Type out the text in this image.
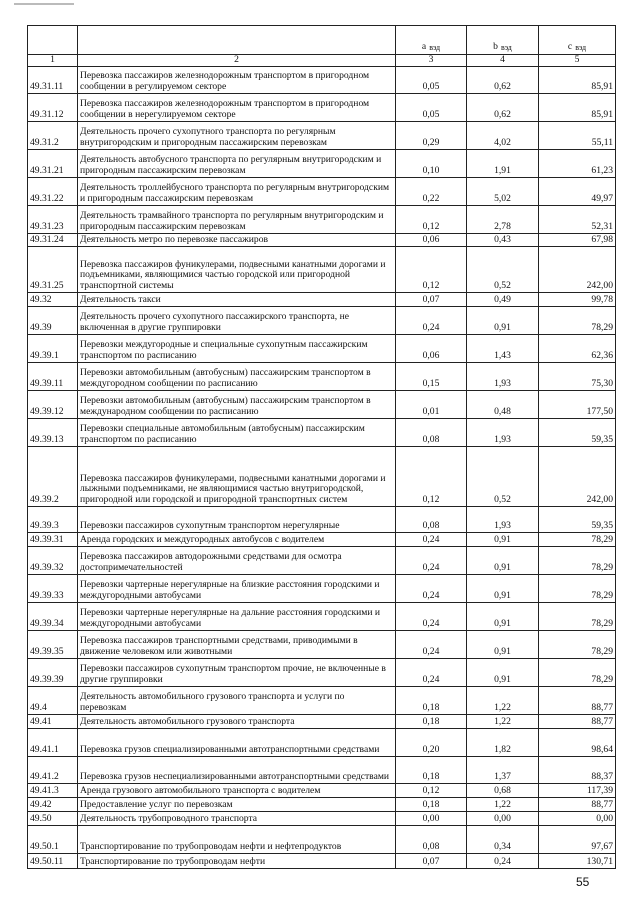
		a вэд	b вэд	c вэд
1	2	3	4	5
49.31.11	Перевозка пассажиров железнодорожным транспортом в пригородном сообщении в регулируемом секторе	0,05	0,62	85,91
49.31.12	Перевозка пассажиров железнодорожным транспортом в пригородном сообщении в нерегулируемом секторе	0,05	0,62	85,91
49.31.2	Деятельность прочего сухопутного транспорта по регулярным внутригородским и пригородным пассажирским перевозкам	0,29	4,02	55,11
49.31.21	Деятельность автобусного транспорта по регулярным внутригородским и пригородным пассажирским перевозкам	0,10	1,91	61,23
49.31.22	Деятельность троллейбусного транспорта по регулярным внутригородским и пригородным пассажирским перевозкам	0,22	5,02	49,97
49.31.23	Деятельность трамвайного транспорта по регулярным внутригородским и пригородным пассажирским перевозкам	0,12	2,78	52,31
49.31.24	Деятельность метро по перевозке пассажиров	0,06	0,43	67,98
49.31.25	Перевозка пассажиров фуникулерами, подвесными канатными дорогами и подъемниками, являющимися частью городской или пригородной транспортной системы	0,12	0,52	242,00
49.32	Деятельность такси	0,07	0,49	99,78
49.39	Деятельность прочего сухопутного пассажирского транспорта, не включенная в другие группировки	0,24	0,91	78,29
49.39.1	Перевозки междугородные и специальные сухопутным пассажирским транспортом по расписанию	0,06	1,43	62,36
49.39.11	Перевозки автомобильным (автобусным) пассажирским транспортом в междугородном сообщении по расписанию	0,15	1,93	75,30
49.39.12	Перевозки автомобильным (автобусным) пассажирским транспортом в международном сообщении по расписанию	0,01	0,48	177,50
49.39.13	Перевозки специальные автомобильным (автобусным) пассажирским транспортом по расписанию	0,08	1,93	59,35
49.39.2	Перевозка пассажиров фуникулерами, подвесными канатными дорогами и лыжными подъемниками, не являющимися частью внутригородской, пригородной или городской и пригородной транспортных систем	0,12	0,52	242,00
49.39.3	Перевозки пассажиров сухопутным транспортом нерегулярные	0,08	1,93	59,35
49.39.31	Аренда городских и междугородных автобусов с водителем	0,24	0,91	78,29
49.39.32	Перевозка пассажиров автодорожными средствами для осмотра достопримечательностей	0,24	0,91	78,29
49.39.33	Перевозки чартерные нерегулярные на близкие расстояния городскими и междугородными автобусами	0,24	0,91	78,29
49.39.34	Перевозки чартерные нерегулярные на дальние расстояния городскими и междугородными автобусами	0,24	0,91	78,29
49.39.35	Перевозка пассажиров транспортными средствами, приводимыми в движение человеком или животными	0,24	0,91	78,29
49.39.39	Перевозки пассажиров сухопутным транспортом прочие, не включенные в другие группировки	0,24	0,91	78,29
49.4	Деятельность автомобильного грузового транспорта и услуги по перевозкам	0,18	1,22	88,77
49.41	Деятельность автомобильного грузового транспорта	0,18	1,22	88,77
49.41.1	Перевозка грузов специализированными автотранспортными средствами	0,20	1,82	98,64
49.41.2	Перевозка грузов неспециализированными автотранспортными средствами	0,18	1,37	88,37
49.41.3	Аренда грузового автомобильного транспорта с водителем	0,12	0,68	117,39
49.42	Предоставление услуг по перевозкам	0,18	1,22	88,77
49.50	Деятельность трубопроводного транспорта	0,00	0,00	0,00
49.50.1	Транспортирование по трубопроводам нефти и нефтепродуктов	0,08	0,34	97,67
49.50.11	Транспортирование по трубопроводам нефти	0,07	0,24	130,71
55
